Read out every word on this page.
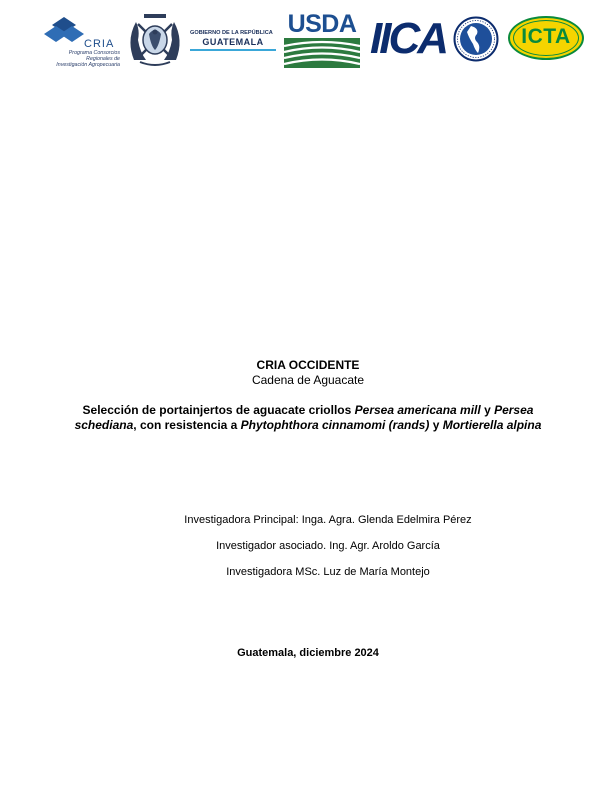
CRIA
Programa Consorcios
Regionales de
Investigación Agropecuaria
GOBIERNO DE LA REPÚBLICA
GUATEMALA
USDA IICA	ICTA
CRIA OCCIDENTE
Cadena de Aguacate
Selección de portainjertos de aguacate criollos Persea americana mill y Persea schediana, con resistencia a Phytophthora cinnamomi (rands) y Mortierella alpina
Investigadora Principal: Inga. Agra. Glenda Edelmira Pérez
Investigador asociado. Ing. Agr. Aroldo García
Investigadora MSc. Luz de María Montejo
Guatemala, diciembre 2024
